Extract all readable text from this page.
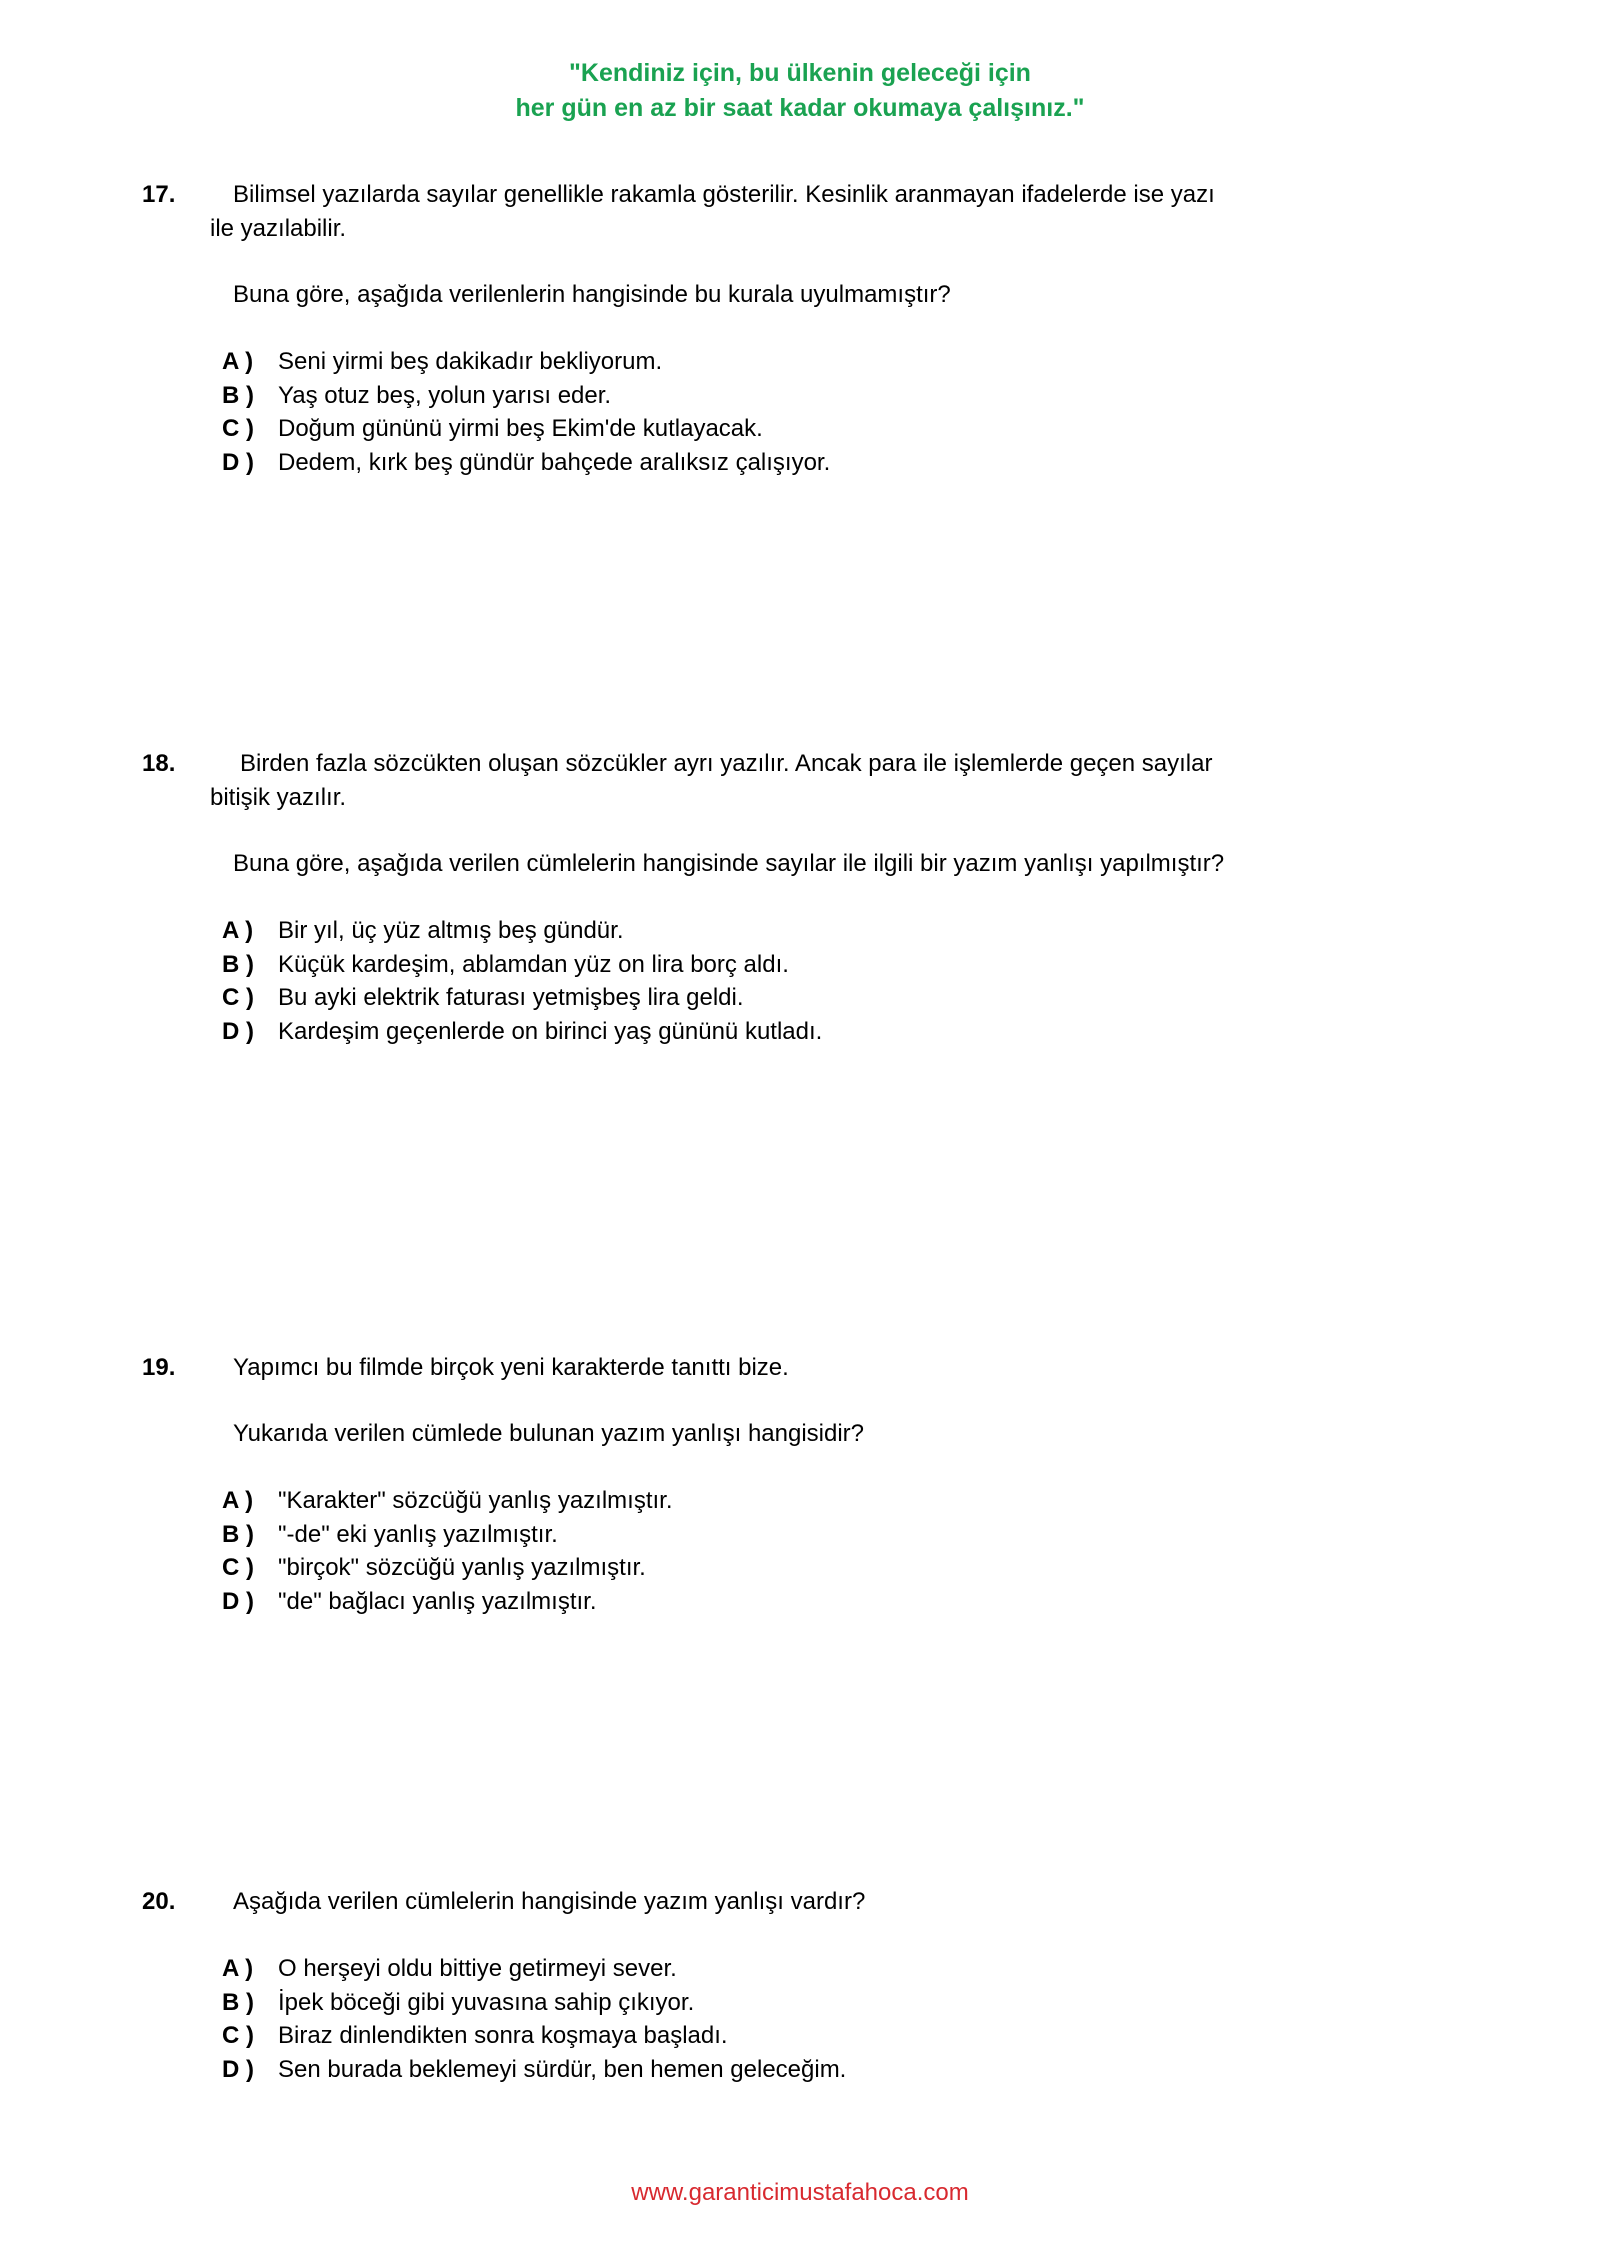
"Kendiniz için, bu ülkenin geleceği için
her gün en az bir saat kadar okumaya çalışınız."
17.	Bilimsel yazılarda sayılar genellikle rakamla gösterilir. Kesinlik aranmayan ifadelerde ise yazı
ile yazılabilir.
Buna göre, aşağıda verilenlerin hangisinde bu kurala uyulmamıştır?
A ) Seni yirmi beş dakikadır bekliyorum.
B ) Yaş otuz beş, yolun yarısı eder.
C ) Doğum gününü yirmi beş Ekim'de kutlayacak.
D ) Dedem, kırk beş gündür bahçede aralıksız çalışıyor.
18.	Birden fazla sözcükten oluşan sözcükler ayrı yazılır. Ancak para ile işlemlerde geçen sayılar
bitişik yazılır.
Buna göre, aşağıda verilen cümlelerin hangisinde sayılar ile ilgili bir yazım yanlışı yapılmıştır?
A ) Bir yıl, üç yüz altmış beş gündür.
B ) Küçük kardeşim, ablamdan yüz on lira borç aldı.
C ) Bu ayki elektrik faturası yetmişbeş lira geldi.
D ) Kardeşim geçenlerde on birinci yaş gününü kutladı.
19.	Yapımcı bu filmde birçok yeni karakterde tanıttı bize.
Yukarıda verilen cümlede bulunan yazım yanlışı hangisidir?
A ) "Karakter" sözcüğü yanlış yazılmıştır.
B ) "-de" eki yanlış yazılmıştır.
C ) "birçok" sözcüğü yanlış yazılmıştır.
D ) "de" bağlacı yanlış yazılmıştır.
20.	Aşağıda verilen cümlelerin hangisinde yazım yanlışı vardır?
A ) O herşeyi oldu bittiye getirmeyi sever.
B ) İpek böceği gibi yuvasına sahip çıkıyor.
C ) Biraz dinlendikten sonra koşmaya başladı.
D ) Sen burada beklemeyi sürdür, ben hemen geleceğim.
www.garanticimustafahoca.com
